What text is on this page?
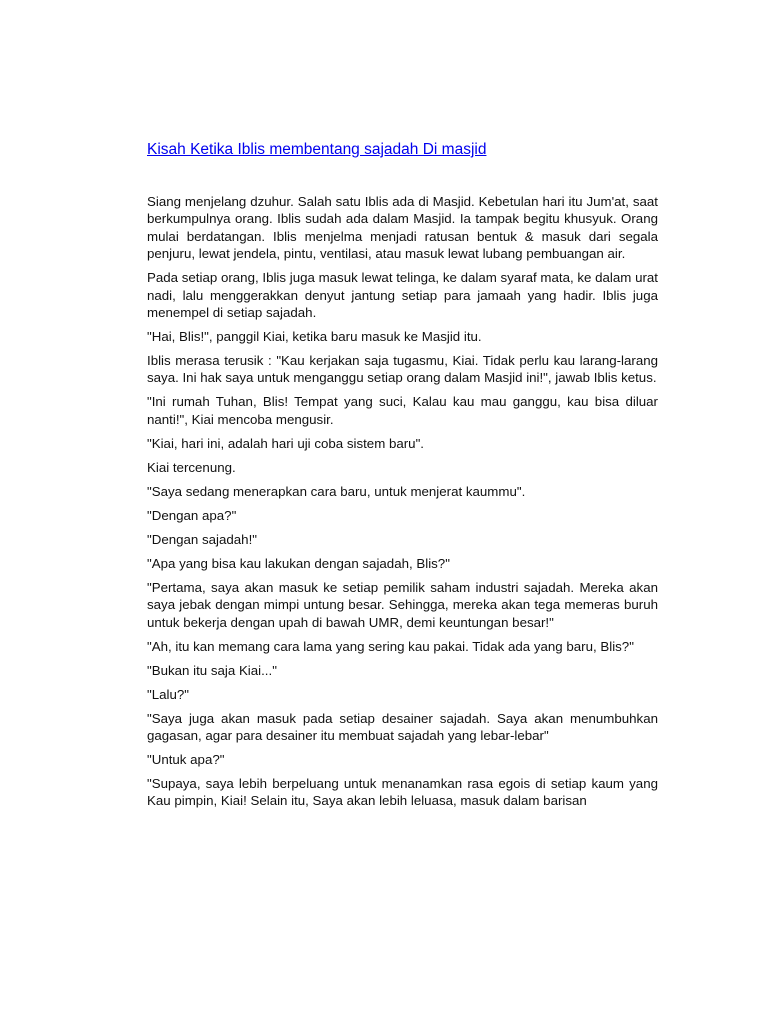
Kisah Ketika Iblis membentang sajadah Di masjid

Siang menjelang dzuhur. Salah satu Iblis ada di Masjid. Kebetulan hari itu Jum'at, saat berkumpulnya orang. Iblis sudah ada dalam Masjid. Ia tampak begitu khusyuk. Orang mulai berdatangan. Iblis menjelma menjadi ratusan bentuk & masuk dari segala penjuru, lewat jendela, pintu, ventilasi, atau masuk lewat lubang pembuangan air.

Pada setiap orang, Iblis juga masuk lewat telinga, ke dalam syaraf mata, ke dalam urat nadi, lalu menggerakkan denyut jantung setiap para jamaah yang hadir. Iblis juga menempel di setiap sajadah.

"Hai, Blis!", panggil Kiai, ketika baru masuk ke Masjid itu.

Iblis merasa terusik : "Kau kerjakan saja tugasmu, Kiai. Tidak perlu kau larang-larang saya. Ini hak saya untuk menganggu setiap orang dalam Masjid ini!", jawab Iblis ketus.

"Ini rumah Tuhan, Blis! Tempat yang suci, Kalau kau mau ganggu, kau bisa diluar nanti!", Kiai mencoba mengusir.

"Kiai, hari ini, adalah hari uji coba sistem baru".

Kiai tercenung.

"Saya sedang menerapkan cara baru, untuk menjerat kaummu".

"Dengan apa?"

"Dengan sajadah!"

"Apa yang bisa kau lakukan dengan sajadah, Blis?"

"Pertama, saya akan masuk ke setiap pemilik saham industri sajadah. Mereka akan saya jebak dengan mimpi untung besar. Sehingga, mereka akan tega memeras buruh untuk bekerja dengan upah di bawah UMR, demi keuntungan besar!"

"Ah, itu kan memang cara lama yang sering kau pakai. Tidak ada yang baru, Blis?"

"Bukan itu saja Kiai..."

"Lalu?"

"Saya juga akan masuk pada setiap desainer sajadah. Saya akan menumbuhkan gagasan, agar para desainer itu membuat sajadah yang lebar-lebar"

"Untuk apa?"

"Supaya, saya lebih berpeluang untuk menanamkan rasa egois di setiap kaum yang Kau pimpin, Kiai! Selain itu, Saya akan lebih leluasa, masuk dalam barisan
